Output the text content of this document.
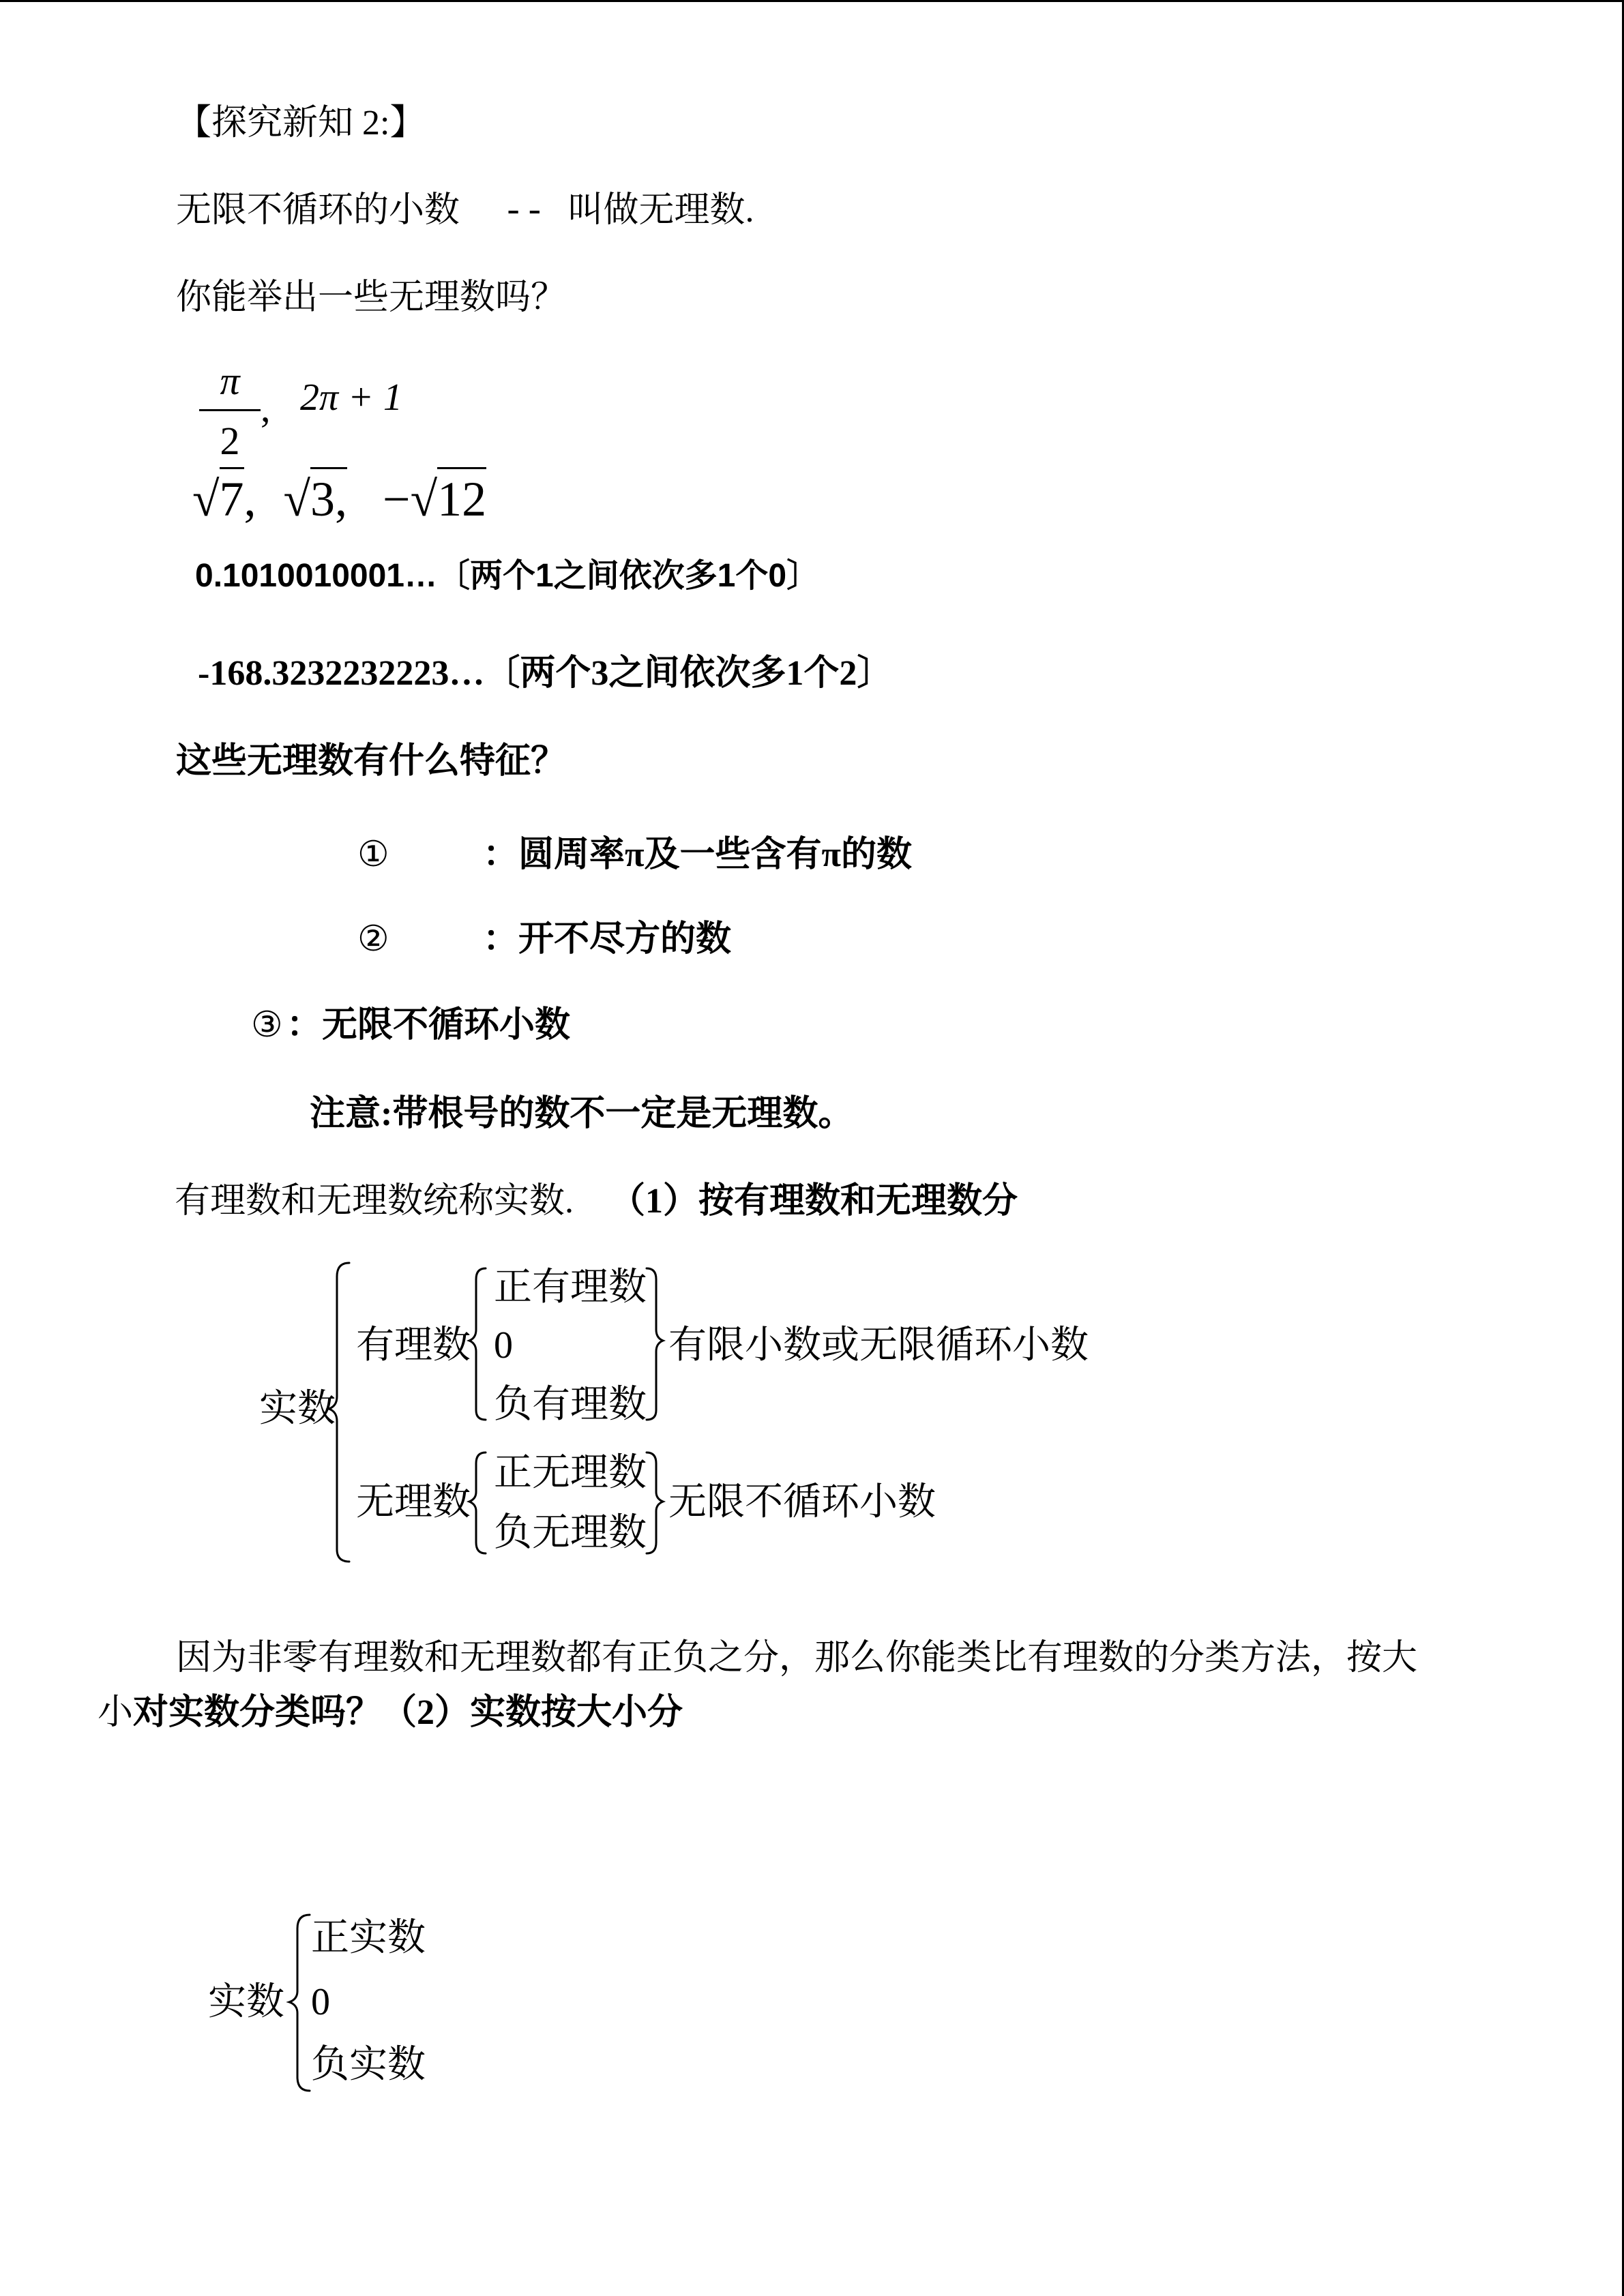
【探究新知 2:】
无限不循环的小数 -- 叫做无理数.
你能举出一些无理数吗？
π
2
, 2π + 1
√7, √3, −√12
0.1010010001…〔两个1之间依次多1个0〕
-168.3232232223…〔两个3之间依次多1个2〕
这些无理数有什么特征？
①	：圆周率π及一些含有π的数
②	：开不尽方的数
③ ：无限不循环小数
注意:带根号的数不一定是无理数。
有理数和无理数统称实数. （1）按有理数和无理数分
实数
有理数
正有理数
0
负有理数
有限小数或无限循环小数
无理数
正无理数
负无理数
无限不循环小数
因为非零有理数和无理数都有正负之分，那么你能类比有理数的分类方法，按大
小对实数分类吗？（2）实数按大小分
实数
正实数
0
负实数
